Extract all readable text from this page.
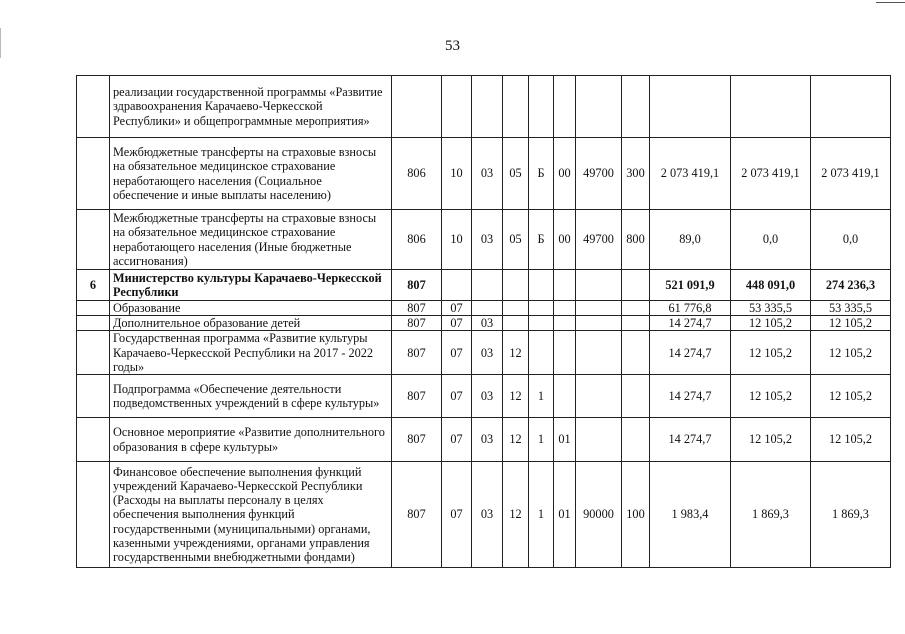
53
	реализации государственной программы «Развитие здравоохранения Карачаево-Черкесской Республики» и общепрограммные мероприятия»											
	Межбюджетные трансферты на страховые взносы на обязательное медицинское страхование неработающего населения (Социальное обеспечение и иные выплаты населению)	806	10	03	05	Б	00	49700	300	2 073 419,1	2 073 419,1	2 073 419,1
	Межбюджетные трансферты на страховые взносы на обязательное медицинское страхование неработающего населения (Иные бюджетные ассигнования)	806	10	03	05	Б	00	49700	800	89,0	0,0	0,0
6	Министерство культуры Карачаево-Черкесской Республики	807								521 091,9	448 091,0	274 236,3
	Образование	807	07							61 776,8	53 335,5	53 335,5
	Дополнительное образование детей	807	07	03						14 274,7	12 105,2	12 105,2
	Государственная программа «Развитие культуры Карачаево-Черкесской Республики на 2017 - 2022 годы»	807	07	03	12					14 274,7	12 105,2	12 105,2
	Подпрограмма «Обеспечение деятельности подведомственных учреждений в сфере культуры»	807	07	03	12	1				14 274,7	12 105,2	12 105,2
	Основное мероприятие «Развитие дополнительного образования в сфере культуры»	807	07	03	12	1	01			14 274,7	12 105,2	12 105,2
	Финансовое обеспечение выполнения функций учреждений Карачаево-Черкесской Республики (Расходы на выплаты персоналу в целях обеспечения выполнения функций государственными (муниципальными) органами, казенными учреждениями, органами управления государственными внебюджетными фондами)	807	07	03	12	1	01	90000	100	1 983,4	1 869,3	1 869,3
